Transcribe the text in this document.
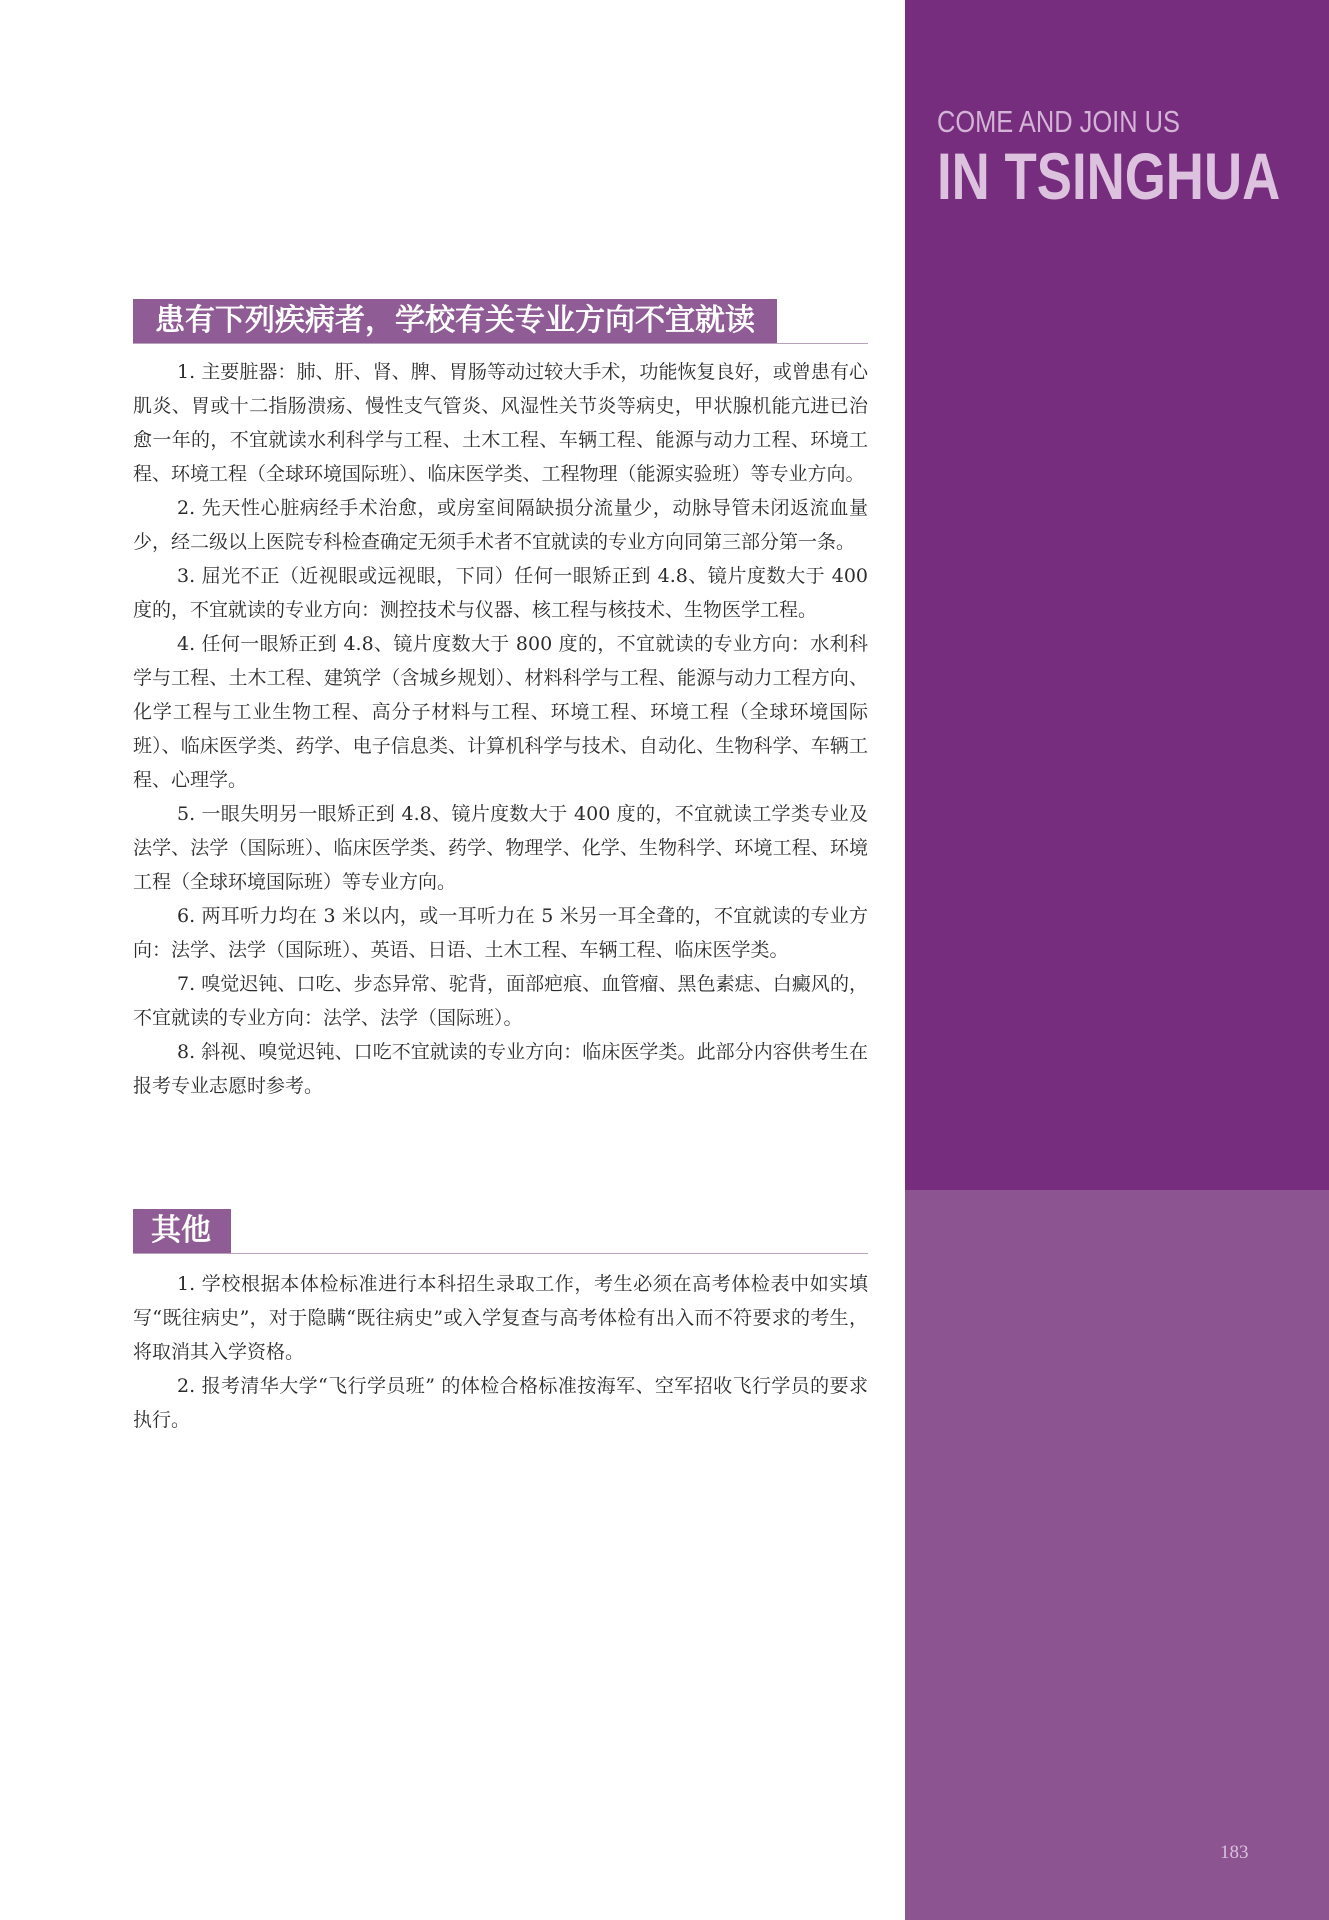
COME AND JOIN US
IN TSINGHUA
183
患有下列疾病者，学校有关专业方向不宜就读

1. 主要脏器：肺、肝、肾、脾、胃肠等动过较大手术，功能恢复良好，或曾患有心肌炎、胃或十二指肠溃疡、慢性支气管炎、风湿性关节炎等病史，甲状腺机能亢进已治愈一年的，不宜就读水利科学与工程、土木工程、车辆工程、能源与动力工程、环境工程、环境工程（全球环境国际班）、临床医学类、工程物理（能源实验班）等专业方向。

2. 先天性心脏病经手术治愈，或房室间隔缺损分流量少，动脉导管未闭返流血量少，经二级以上医院专科检查确定无须手术者不宜就读的专业方向同第三部分第一条。

3. 屈光不正（近视眼或远视眼，下同）任何一眼矫正到 4.8、镜片度数大于 400度的，不宜就读的专业方向：测控技术与仪器、核工程与核技术、生物医学工程。

4. 任何一眼矫正到 4.8、镜片度数大于 800 度的，不宜就读的专业方向：水利科学与工程、土木工程、建筑学（含城乡规划）、材料科学与工程、能源与动力工程方向、化学工程与工业生物工程、高分子材料与工程、环境工程、环境工程（全球环境国际班）、临床医学类、药学、电子信息类、计算机科学与技术、自动化、生物科学、车辆工程、心理学。

5. 一眼失明另一眼矫正到 4.8、镜片度数大于 400 度的，不宜就读工学类专业及法学、法学（国际班）、临床医学类、药学、物理学、化学、生物科学、环境工程、环境工程（全球环境国际班）等专业方向。

6. 两耳听力均在 3 米以内，或一耳听力在 5 米另一耳全聋的，不宜就读的专业方向：法学、法学（国际班）、英语、日语、土木工程、车辆工程、临床医学类。

7. 嗅觉迟钝、口吃、步态异常、驼背，面部疤痕、血管瘤、黑色素痣、白癜风的，不宜就读的专业方向：法学、法学（国际班）。

8. 斜视、嗅觉迟钝、口吃不宜就读的专业方向：临床医学类。此部分内容供考生在报考专业志愿时参考。

其他

1. 学校根据本体检标准进行本科招生录取工作，考生必须在高考体检表中如实填写“既往病史”，对于隐瞒“既往病史”或入学复查与高考体检有出入而不符要求的考生，将取消其入学资格。

2. 报考清华大学“飞行学员班” 的体检合格标准按海军、空军招收飞行学员的要求执行。
